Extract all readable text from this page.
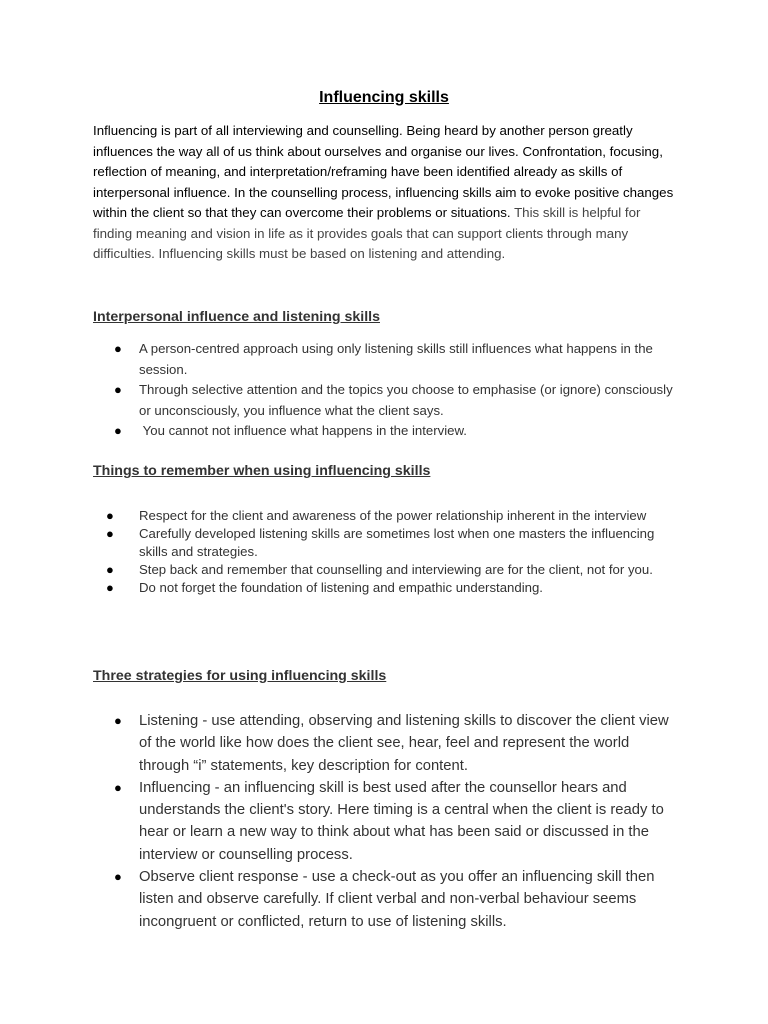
Influencing skills

Influencing is part of all interviewing and counselling. Being heard by another person greatly influences the way all of us think about ourselves and organise our lives. Confrontation, focusing, reflection of meaning, and interpretation/reframing have been identified already as skills of interpersonal influence. In the counselling process, influencing skills aim to evoke positive changes within the client so that they can overcome their problems or situations. This skill is helpful for finding meaning and vision in life as it provides goals that can support clients through many difficulties. Influencing skills must be based on listening and attending.

Interpersonal influence and listening skills
● A person-centred approach using only listening skills still influences what happens in the session.
● Through selective attention and the topics you choose to emphasise (or ignore) consciously or unconsciously, you influence what the client says.
● You cannot not influence what happens in the interview.
Things to remember when using influencing skills
● Respect for the client and awareness of the power relationship inherent in the interview
● Carefully developed listening skills are sometimes lost when one masters the influencing skills and strategies.
● Step back and remember that counselling and interviewing are for the client, not for you.
● Do not forget the foundation of listening and empathic understanding.
Three strategies for using influencing skills
● Listening - use attending, observing and listening skills to discover the client view of the world like how does the client see, hear, feel and represent the world through “i” statements, key description for content.
● Influencing - an influencing skill is best used after the counsellor hears and understands the client's story. Here timing is a central when the client is ready to hear or learn a new way to think about what has been said or discussed in the interview or counselling process.
● Observe client response - use a check-out as you offer an influencing skill then listen and observe carefully. If client verbal and non-verbal behaviour seems incongruent or conflicted, return to use of listening skills.
